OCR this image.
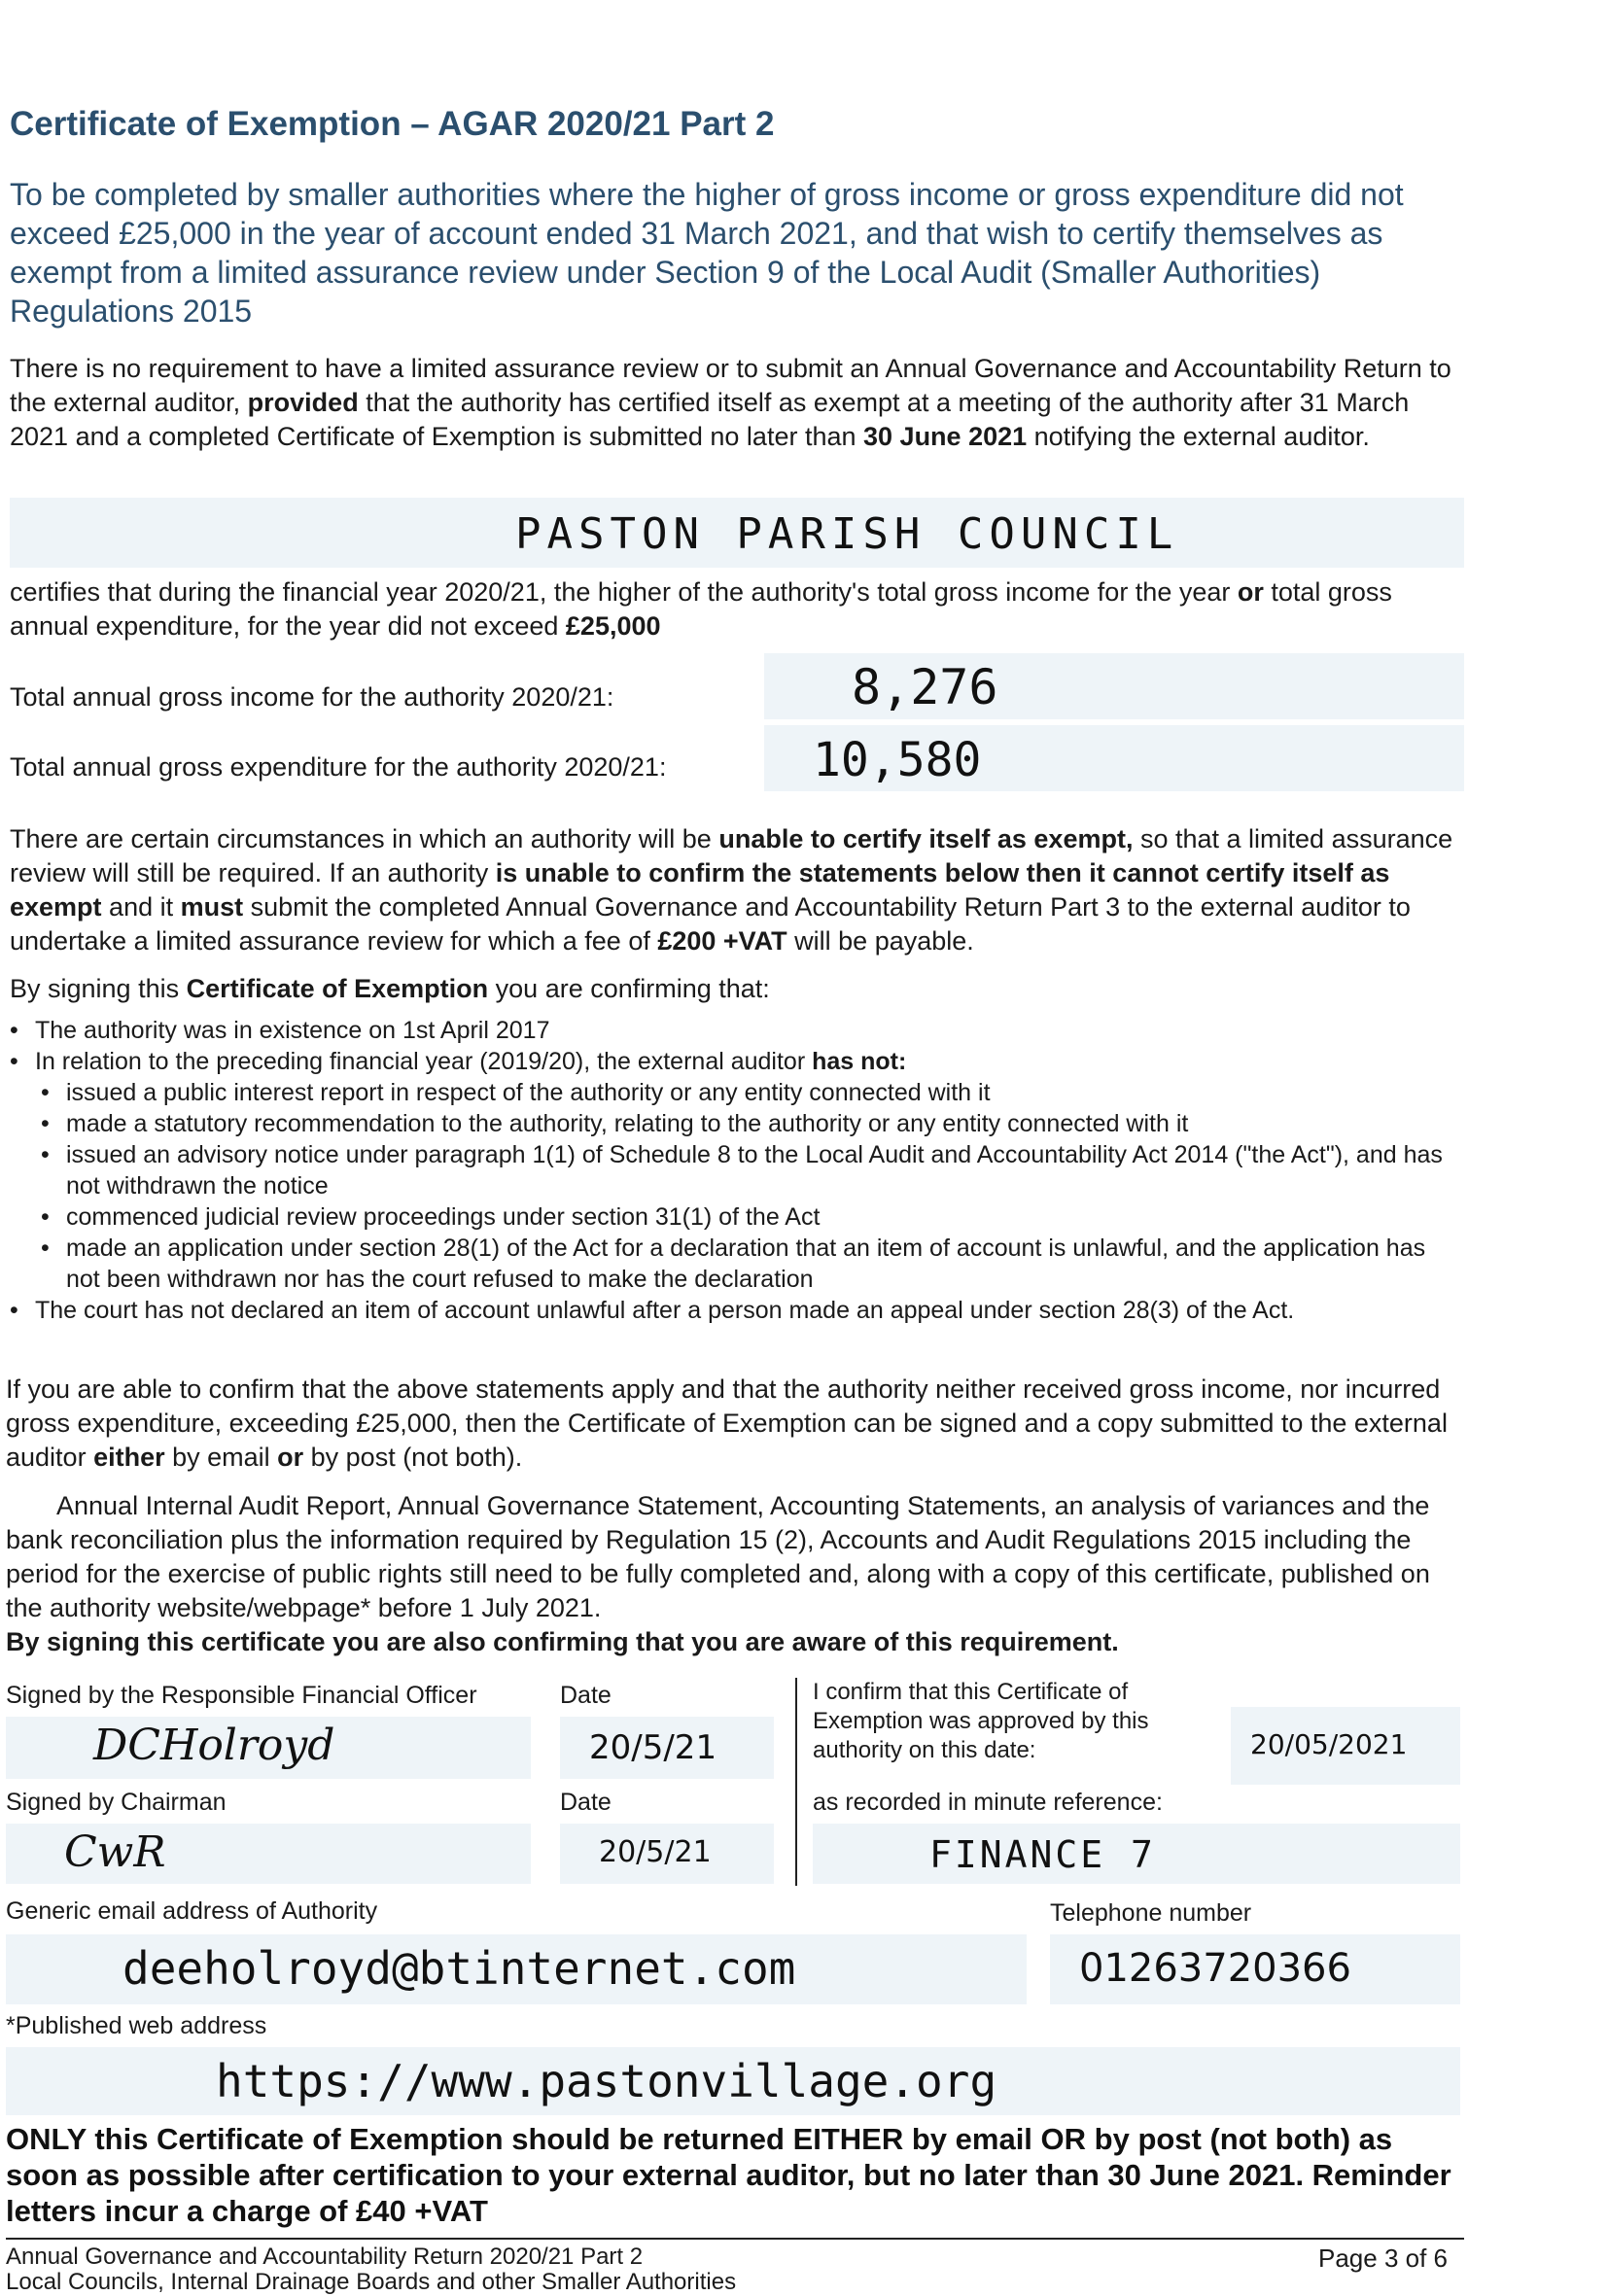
Certificate of Exemption – AGAR 2020/21 Part 2
To be completed by smaller authorities where the higher of gross income or gross expenditure did not exceed £25,000 in the year of account ended 31 March 2021, and that wish to certify themselves as exempt from a limited assurance review under Section 9 of the Local Audit (Smaller Authorities) Regulations 2015
There is no requirement to have a limited assurance review or to submit an Annual Governance and Accountability Return to the external auditor, provided that the authority has certified itself as exempt at a meeting of the authority after 31 March 2021 and a completed Certificate of Exemption is submitted no later than 30 June 2021 notifying the external auditor.
PASTON PARISH COUNCIL
certifies that during the financial year 2020/21, the higher of the authority's total gross income for the year or total gross annual expenditure, for the year did not exceed £25,000
Total annual gross income for the authority 2020/21:	8,276
Total annual gross expenditure for the authority 2020/21:	10,580
There are certain circumstances in which an authority will be unable to certify itself as exempt, so that a limited assurance review will still be required. If an authority is unable to confirm the statements below then it cannot certify itself as exempt and it must submit the completed Annual Governance and Accountability Return Part 3 to the external auditor to undertake a limited assurance review for which a fee of £200 +VAT will be payable.
By signing this Certificate of Exemption you are confirming that:
• The authority was in existence on 1st April 2017
• In relation to the preceding financial year (2019/20), the external auditor has not:
• issued a public interest report in respect of the authority or any entity connected with it
• made a statutory recommendation to the authority, relating to the authority or any entity connected with it
• issued an advisory notice under paragraph 1(1) of Schedule 8 to the Local Audit and Accountability Act 2014 ("the Act"), and has not withdrawn the notice
• commenced judicial review proceedings under section 31(1) of the Act
• made an application under section 28(1) of the Act for a declaration that an item of account is unlawful, and the application has not been withdrawn nor has the court refused to make the declaration
• The court has not declared an item of account unlawful after a person made an appeal under section 28(3) of the Act.
If you are able to confirm that the above statements apply and that the authority neither received gross income, nor incurred gross expenditure, exceeding £25,000, then the Certificate of Exemption can be signed and a copy submitted to the external auditor either by email or by post (not both).
Annual Internal Audit Report, Annual Governance Statement, Accounting Statements, an analysis of variances and the bank reconciliation plus the information required by Regulation 15 (2), Accounts and Audit Regulations 2015 including the period for the exercise of public rights still need to be fully completed and, along with a copy of this certificate, published on the authority website/webpage* before 1 July 2021.
By signing this certificate you are also confirming that you are aware of this requirement.
Signed by the Responsible Financial Officer	Date
DCHolroyd	20/5/21
I confirm that this Certificate of Exemption was approved by this authority on this date:	20/05/2021
Signed by Chairman	Date	as recorded in minute reference:
CwR	20/5/21	FINANCE 7
Generic email address of Authority	Telephone number
deeholroyd@btinternet.com	01263720366
*Published web address
https://www.pastonvillage.org
ONLY this Certificate of Exemption should be returned EITHER by email OR by post (not both) as soon as possible after certification to your external auditor, but no later than 30 June 2021. Reminder letters incur a charge of £40 +VAT
Annual Governance and Accountability Return 2020/21 Part 2
Local Councils, Internal Drainage Boards and other Smaller Authorities
Page 3 of 6
